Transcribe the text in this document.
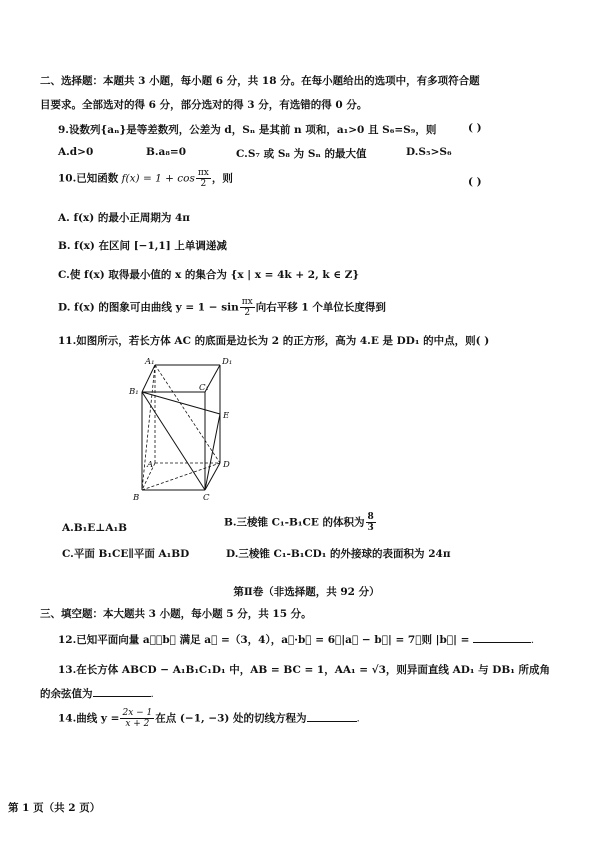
二、选择题：本题共 3 小题，每小题 6 分，共 18 分。在每小题给出的选项中，有多项符合题
目要求。全部选对的得 6 分，部分选对的得 3 分，有选错的得 0 分。
9.设数列{aₙ}是等差数列，公差为 d，Sₙ 是其前 n 项和，a₁>0 且 S₆=S₉，则	( )
A.d>0	B.a₈=0	C.S₇ 或 S₈ 为 Sₙ 的最大值	D.S₅>S₆
10.已知函数 $f(x) = 1 + \cos \frac{\pi x}{2}$ ，则	( )
A. f(x) 的最小正周期为 4π
B. f(x) 在区间 [−1,1] 上单调递减
C.使 f(x) 取得最小值的 x 的集合为 {x | x = 4k + 2, k ∈ Z}
D. f(x) 的图象可由曲线 $y = 1 - \sin \frac{\pi x}{2}$ 向右平移 1 个单位长度得到
11.如图所示，若长方体 AC 的底面是边长为 2 的正方形，高为 4.E 是 DD₁ 的中点，则( )
A₁	D₁
B₁	C₁
E
A	D
B	C
A.B₁E⊥A₁B	B.三棱锥 C₁-B₁CE 的体积为 $\frac{8}{3}$
C.平面 B₁CE∥平面 A₁BD	D.三棱锥 C₁-B₁CD₁ 的外接球的表面积为 24π
第Ⅱ卷（非选择题，共 92 分）
三、填空题：本大题共 3 小题，每小题 5 分，共 15 分。
12.已知平面向量 a⃗，b⃗ 满足 a⃗ =（3，4），a⃗·b⃗ = 6，|a⃗ − b⃗| = 7，则 |b⃗| =	.
13.在长方体 ABCD − A₁B₁C₁D₁ 中，AB = BC = 1，AA₁ = √3，则异面直线 AD₁ 与 DB₁ 所成角
的余弦值为	.
14.曲线 $y = \frac{2x - 1}{x + 2}$ 在点 (−1, −3) 处的切线方程为	.
第 1 页（共 2 页）
